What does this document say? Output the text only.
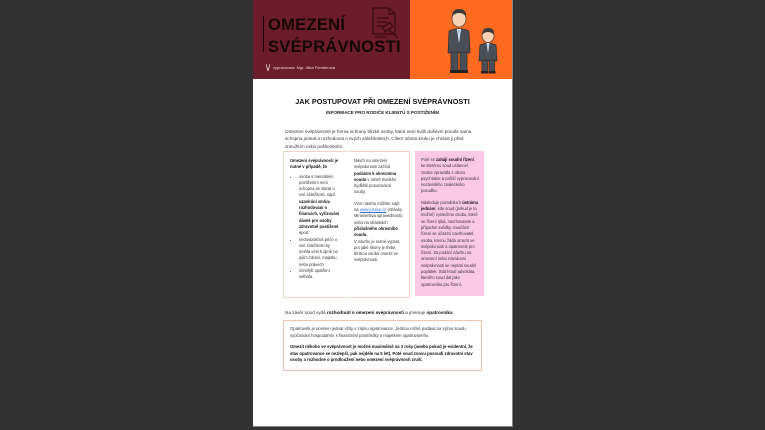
OMEZENÍ
SVÉPRÁVNOSTI
vypracovala: Mgr. Jitka Förstterová
JAK POSTUPOVAT PŘI OMEZENÍ SVÉPRÁVNOSTI
INFORMACE PRO RODIČE KLIENTŮ S POSTIŽENÍM
Omezení svéprávnosti je forma ochrany blízké osoby, která není kvůli duševní poruše sama schopna jednat a rozhodovat o svých záležitostech. Cílem tohoto kroku je chránit ji před zneužitím nebo poškozením.
Omezení svéprávnosti je nutné v případě, že
• osoba s mentálním postižením není schopna se starat o své záležitosti, např. uzavírání smluv, rozhodování o financích, vyřizování dávek pro osoby zdravotně postižené apod.
• nedostatečná péče o své záležitosti by mohla vést k újmě na jejím zdraví, majetku nebo právech
• mírnější opatření selhala.

Návrh na omezení svéprávnosti začíná podáním k okresnímu soudu v místě trvalého bydliště posuzované osoby.

Vzor návrhu můžete najít na www.justice.cz (stránky Ministerstva spravedlnosti) nebo na stránkách příslušného okresního soudu.
V návrhu je nutné vypsat, pro jaké úkony je třeba blízkou osobu omezit ve svéprávnosti.

Poté se zahájí soudní řízení, ke kterému soud ustanoví znalce zpravidla z oboru psychiatrie a nařídí vypracování nezávislého znaleckého posudku.

Následuje pozvánka k ústnímu jednání, kde soud (pokud je to možné) vyslechne osobu, které se řízení týká, navrhovatele a případné svědky. Součástí řízení se účastní navrhovatel, osoba, kterou žádá omezit ve svéprávnosti a opatrovník pro řízení. Za podání návrhu na omezení nebo navrácení svéprávnosti se neplatí soudní poplatek. Stát hradí advokáta, kterého soud dal jako opatrovníka pro řízení.

Na závěr soud vydá rozhodnutí o omezení svéprávnosti a jmenuje opatrovníka.

Opatrovník je povinen jednat vždy v zájmu opatrovance. Jednou ročně podává na výzvu soudu vyúčtování hospodaření s finančními prostředky a majetkem opatrovaného.

Omezit někoho ve svéprávnost je možné maximálně na 3 roky (anebo pokud je evidentní, že stav opatrovance se nezlepší, pak nejdéle na 5 let). Poté soud znovu posoudí zdravotní stav osoby a rozhodne o prodloužení nebo omezení svéprávnosti zruší.
